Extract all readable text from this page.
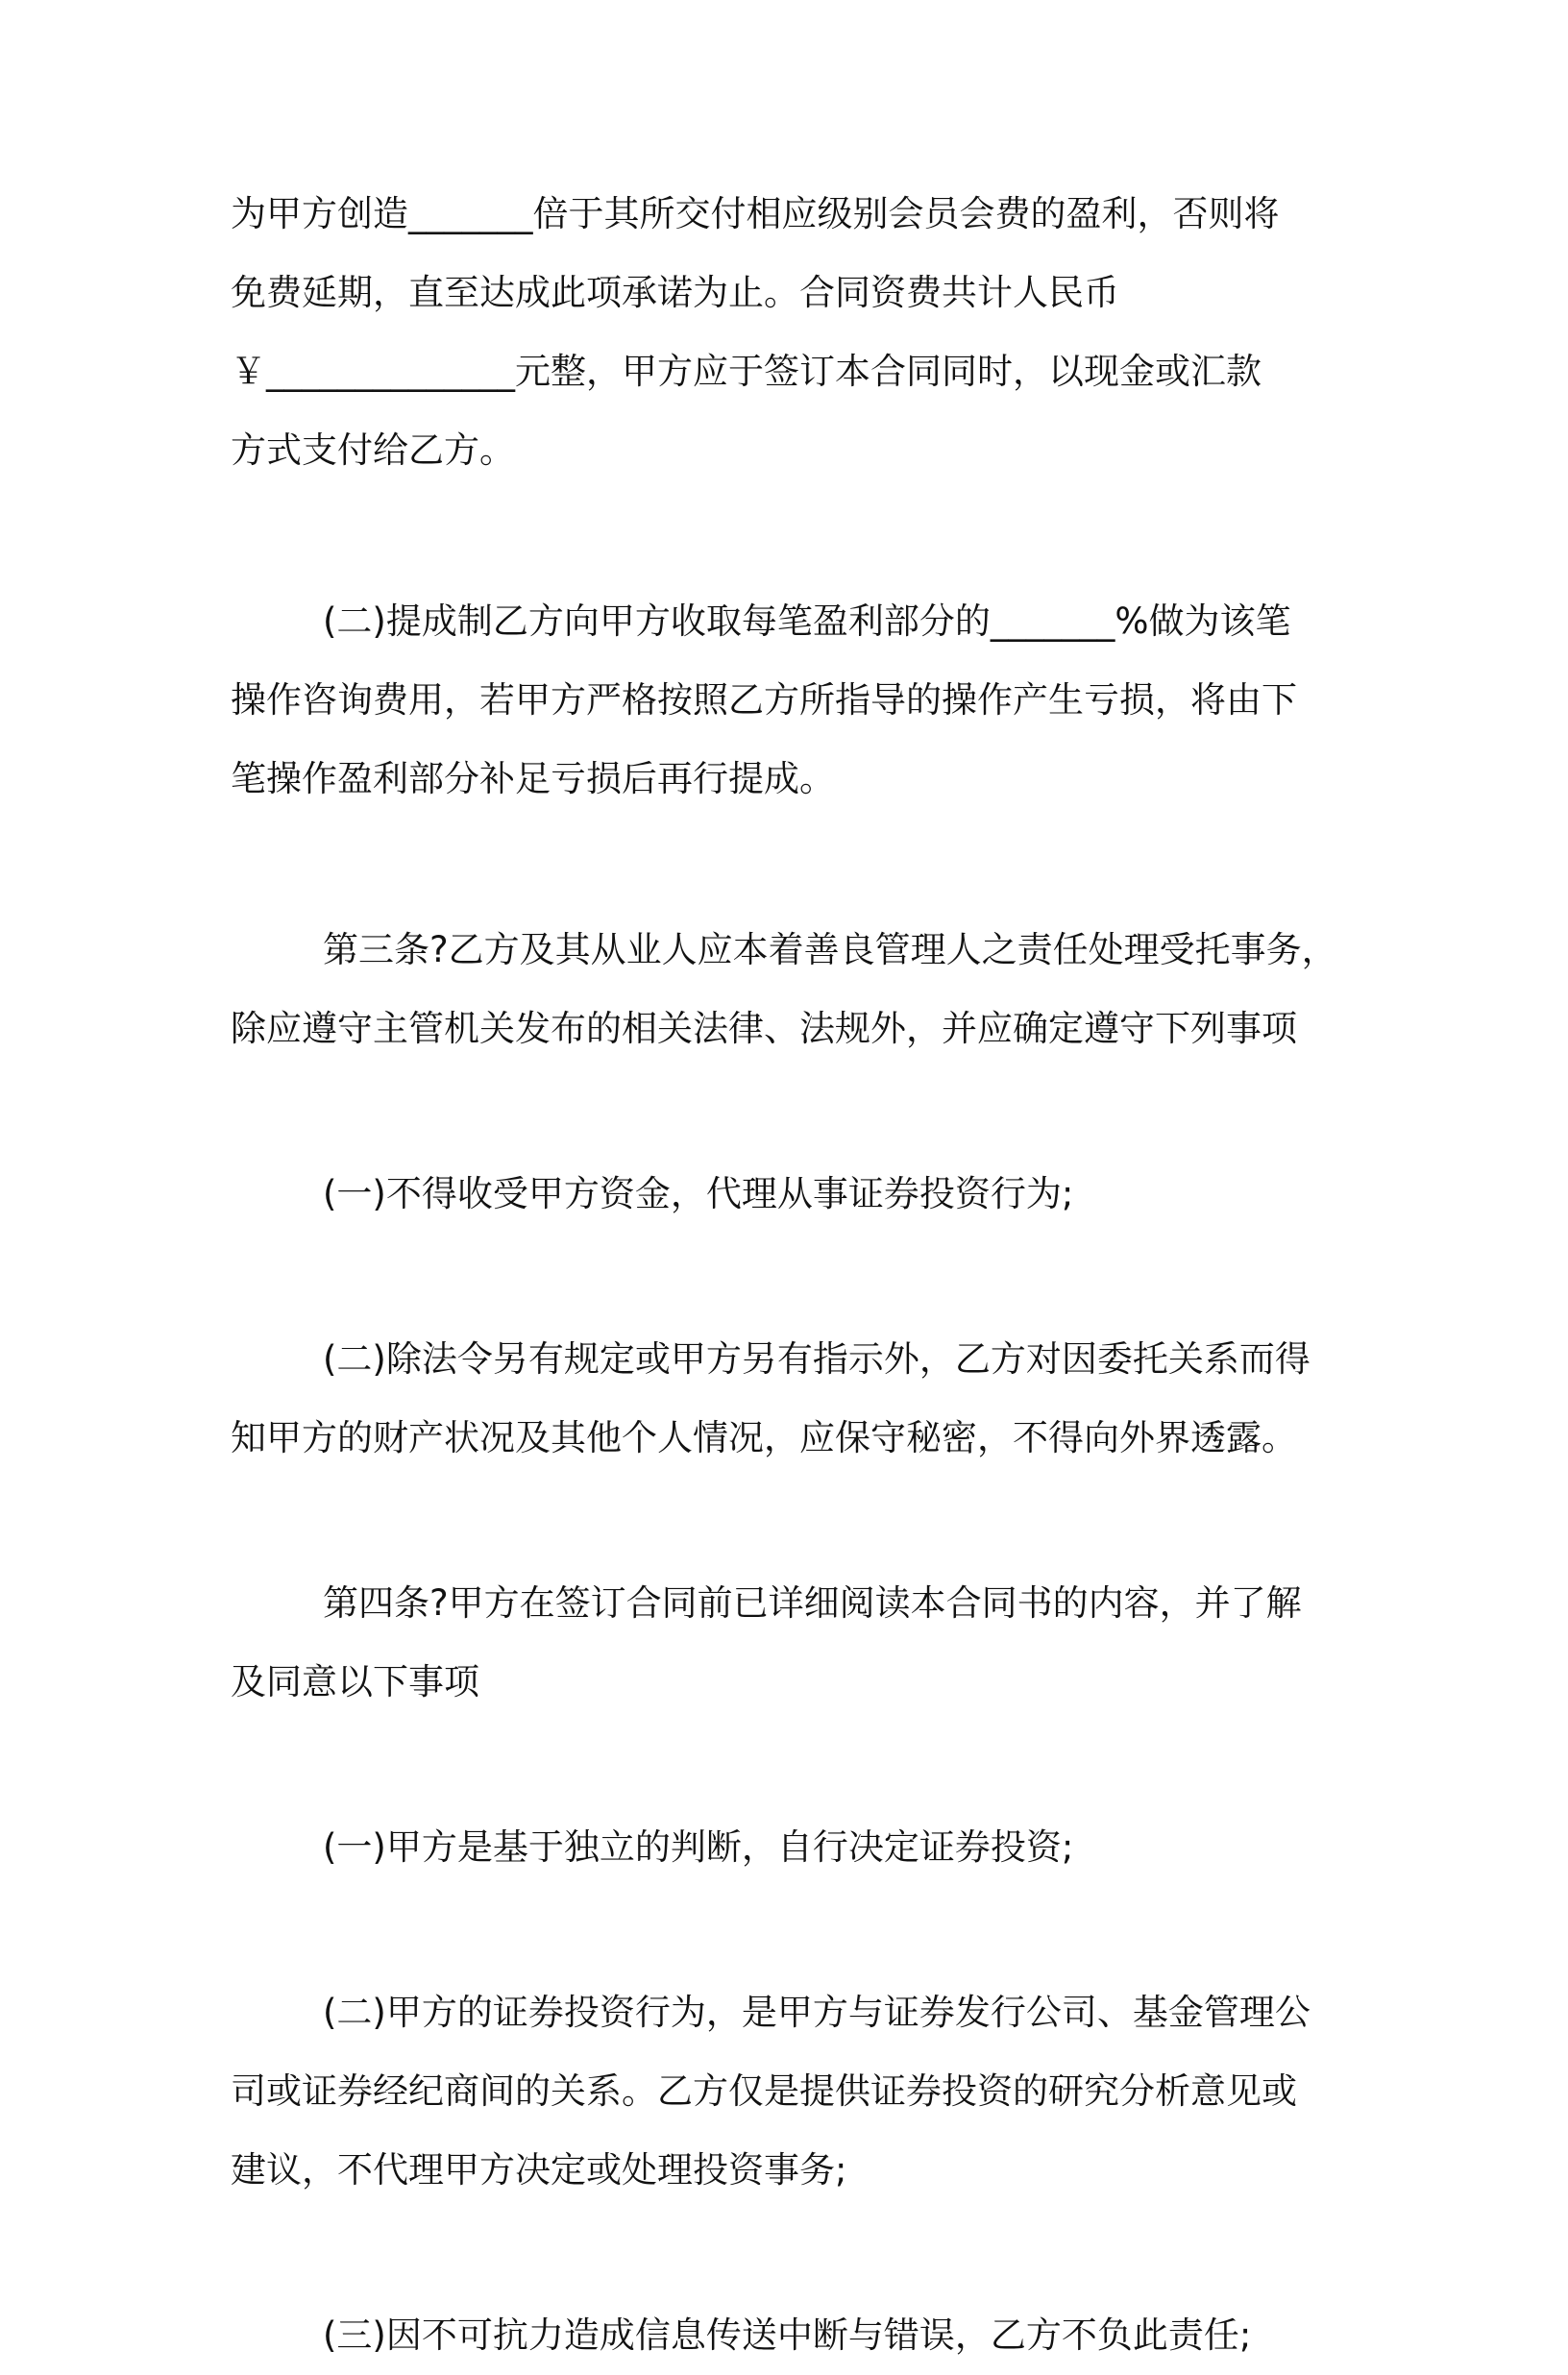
为甲方创造_______倍于其所交付相应级别会员会费的盈利，否则将
免费延期，直至达成此项承诺为止。合同资费共计人民币
￥______________元整，甲方应于签订本合同同时，以现金或汇款
方式支付给乙方。
(二)提成制乙方向甲方收取每笔盈利部分的_______%做为该笔
操作咨询费用，若甲方严格按照乙方所指导的操作产生亏损，将由下
笔操作盈利部分补足亏损后再行提成。
第三条?乙方及其从业人应本着善良管理人之责任处理受托事务，
除应遵守主管机关发布的相关法律、法规外，并应确定遵守下列事项
(一)不得收受甲方资金，代理从事证券投资行为;
(二)除法令另有规定或甲方另有指示外，乙方对因委托关系而得
知甲方的财产状况及其他个人情况，应保守秘密，不得向外界透露。
第四条?甲方在签订合同前已详细阅读本合同书的内容，并了解
及同意以下事项
(一)甲方是基于独立的判断，自行决定证券投资;
(二)甲方的证券投资行为，是甲方与证券发行公司、基金管理公
司或证券经纪商间的关系。乙方仅是提供证券投资的研究分析意见或
建议，不代理甲方决定或处理投资事务;
(三)因不可抗力造成信息传送中断与错误，乙方不负此责任;
